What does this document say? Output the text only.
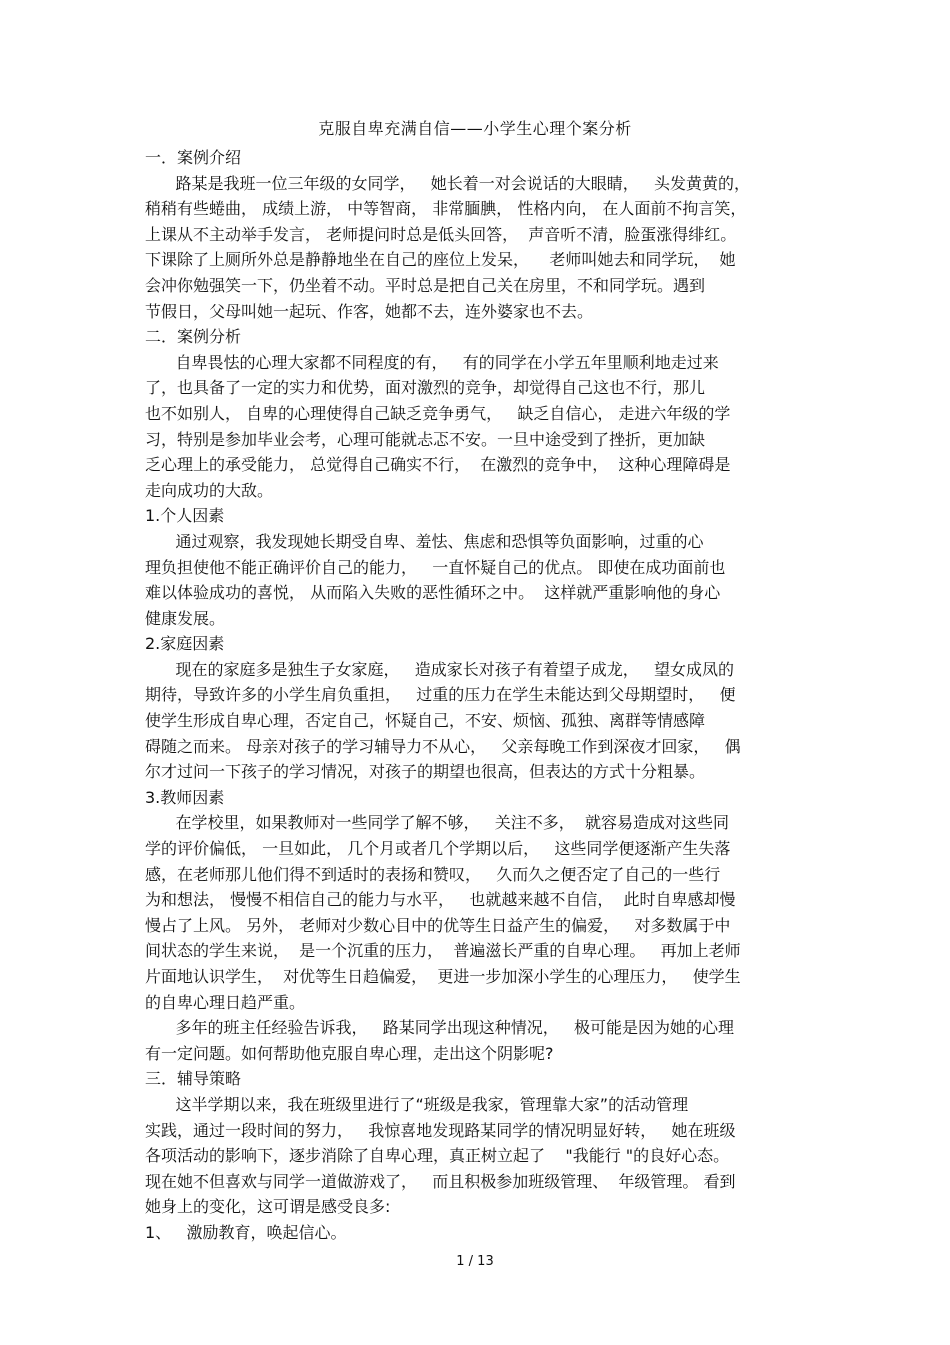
克服自卑充满自信——小学生心理个案分析
一．案例介绍
路某是我班一位三年级的女同学，   她长着一对会说话的大眼睛，   头发黄黄的，
稍稍有些蜷曲， 成绩上游， 中等智商， 非常腼腆， 性格内向， 在人面前不拘言笑，
上课从不主动举手发言， 老师提问时总是低头回答，  声音听不清，脸蛋涨得绯红。
下课除了上厕所外总是静静地坐在自己的座位上发呆，    老师叫她去和同学玩，  她
会冲你勉强笑一下，仍坐着不动。平时总是把自己关在房里，不和同学玩。遇到
节假日，父母叫她一起玩、作客，她都不去，连外婆家也不去。
二．案例分析
自卑畏怯的心理大家都不同程度的有，   有的同学在小学五年里顺利地走过来
了，也具备了一定的实力和优势，面对激烈的竞争，却觉得自己这也不行，那儿
也不如别人， 自卑的心理使得自己缺乏竞争勇气，   缺乏自信心， 走进六年级的学
习，特别是参加毕业会考，心理可能就忐忑不安。一旦中途受到了挫折，更加缺
乏心理上的承受能力， 总觉得自己确实不行，  在激烈的竞争中，  这种心理障碍是
走向成功的大敌。
1.个人因素
通过观察，我发现她长期受自卑、羞怯、焦虑和恐惧等负面影响，过重的心
理负担使他不能正确评价自己的能力，   一直怀疑自己的优点。 即使在成功面前也
难以体验成功的喜悦， 从而陷入失败的恶性循环之中。  这样就严重影响他的身心
健康发展。
2.家庭因素
现在的家庭多是独生子女家庭，   造成家长对孩子有着望子成龙，   望女成凤的
期待，导致许多的小学生肩负重担，   过重的压力在学生未能达到父母期望时，   便
使学生形成自卑心理，否定自己，怀疑自己，不安、烦恼、孤独、离群等情感障
碍随之而来。 母亲对孩子的学习辅导力不从心，   父亲每晚工作到深夜才回家，   偶
尔才过问一下孩子的学习情况，对孩子的期望也很高，但表达的方式十分粗暴。
3.教师因素
在学校里，如果教师对一些同学了解不够，   关注不多，  就容易造成对这些同
学的评价偏低， 一旦如此， 几个月或者几个学期以后，   这些同学便逐渐产生失落
感，在老师那儿他们得不到适时的表扬和赞叹，   久而久之便否定了自己的一些行
为和想法， 慢慢不相信自己的能力与水平，   也就越来越不自信，  此时自卑感却慢
慢占了上风。 另外， 老师对少数心目中的优等生日益产生的偏爱，   对多数属于中
间状态的学生来说，  是一个沉重的压力，  普遍滋长严重的自卑心理。   再加上老师
片面地认识学生，  对优等生日趋偏爱，  更进一步加深小学生的心理压力，   使学生
的自卑心理日趋严重。
多年的班主任经验告诉我，   路某同学出现这种情况，   极可能是因为她的心理
有一定问题。如何帮助他克服自卑心理，走出这个阴影呢?
三．辅导策略
这半学期以来，我在班级里进行了“班级是我家，管理靠大家”的活动管理
实践，通过一段时间的努力，   我惊喜地发现路某同学的情况明显好转，   她在班级
各项活动的影响下，逐步消除了自卑心理，真正树立起了    "我能行 "的良好心态。
现在她不但喜欢与同学一道做游戏了，   而且积极参加班级管理、  年级管理。 看到
她身上的变化，这可谓是感受良多:
1、   激励教育，唤起信心。
1 / 13
